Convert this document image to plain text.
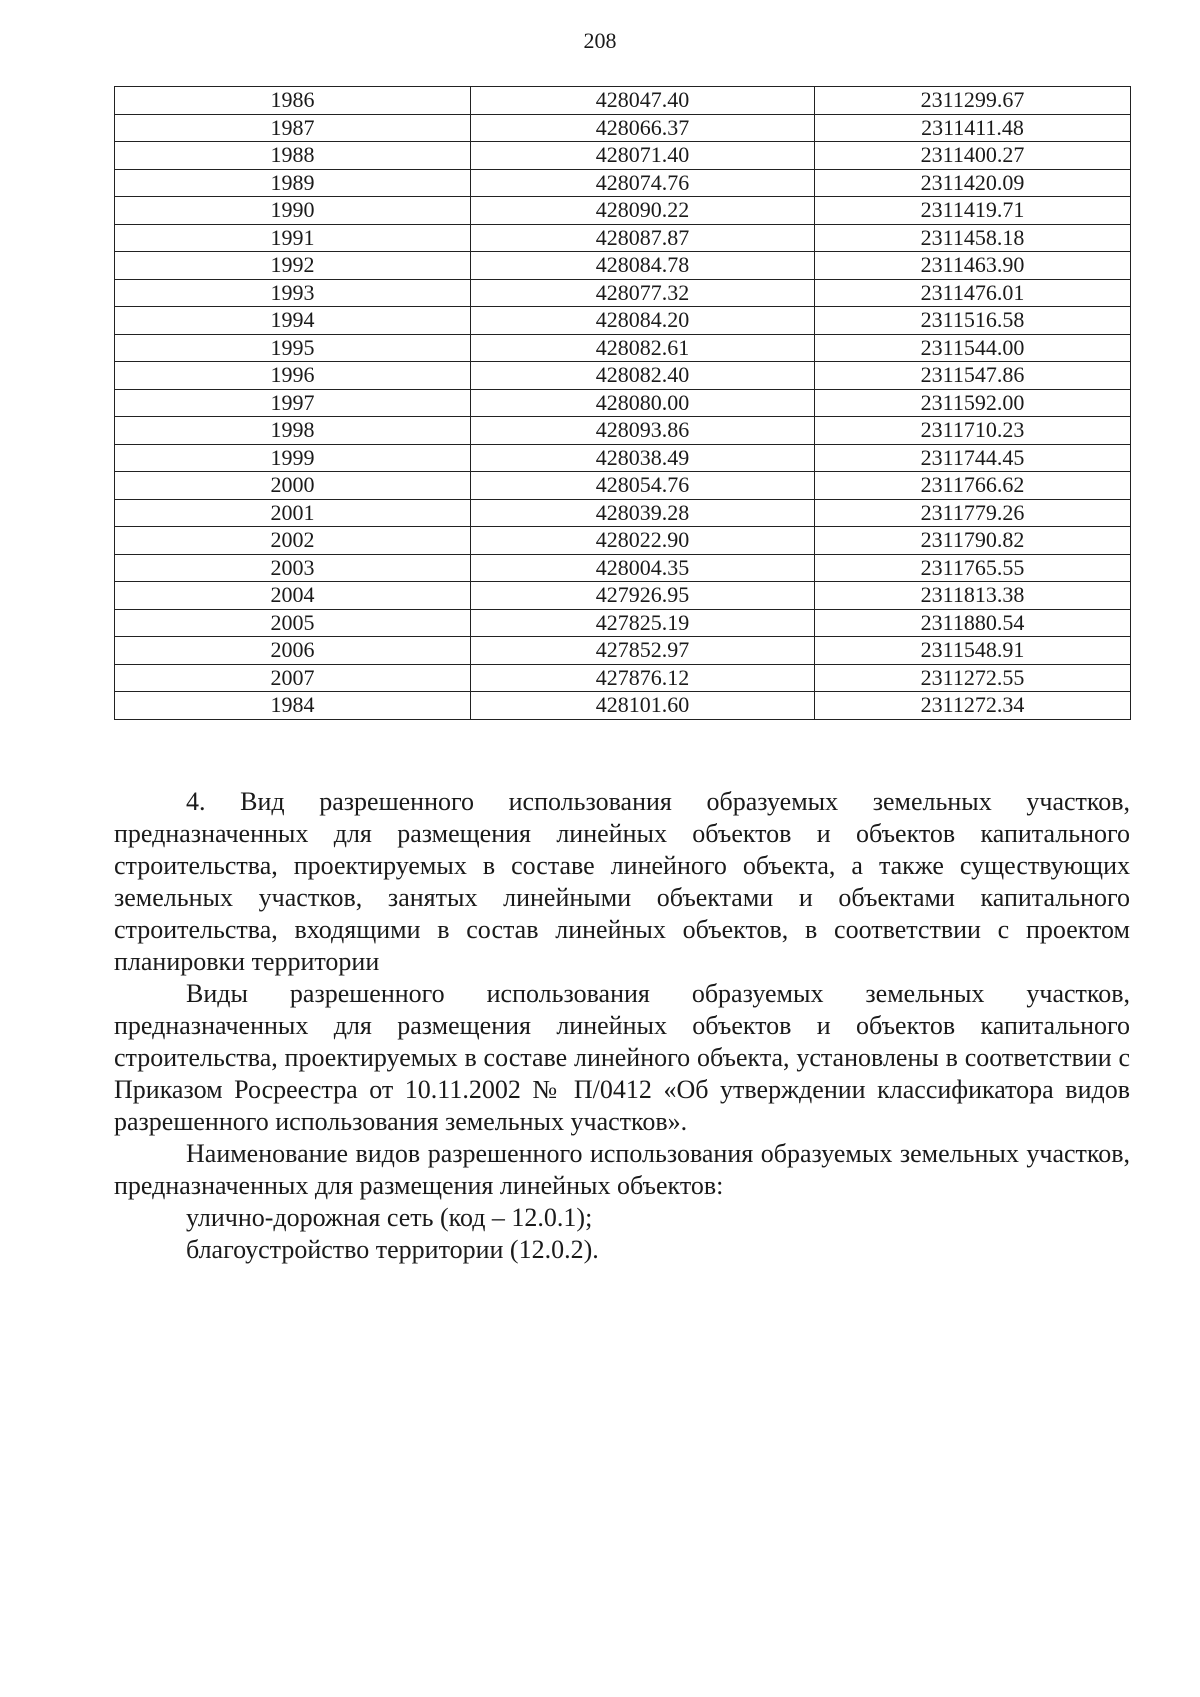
208
1986	428047.40	2311299.67
1987	428066.37	2311411.48
1988	428071.40	2311400.27
1989	428074.76	2311420.09
1990	428090.22	2311419.71
1991	428087.87	2311458.18
1992	428084.78	2311463.90
1993	428077.32	2311476.01
1994	428084.20	2311516.58
1995	428082.61	2311544.00
1996	428082.40	2311547.86
1997	428080.00	2311592.00
1998	428093.86	2311710.23
1999	428038.49	2311744.45
2000	428054.76	2311766.62
2001	428039.28	2311779.26
2002	428022.90	2311790.82
2003	428004.35	2311765.55
2004	427926.95	2311813.38
2005	427825.19	2311880.54
2006	427852.97	2311548.91
2007	427876.12	2311272.55
1984	428101.60	2311272.34

4. Вид разрешенного использования образуемых земельных участков, предназначенных для размещения линейных объектов и объектов капитального строительства, проектируемых в составе линейного объекта, а также существующих земельных участков, занятых линейными объектами и объектами капитального строительства, входящими в состав линейных объектов, в соответствии с проектом планировки территории

Виды разрешенного использования образуемых земельных участков, предназначенных для размещения линейных объектов и объектов капитального строительства, проектируемых в составе линейного объекта, установлены в соответствии с Приказом Росреестра от 10.11.2002 № П/0412 «Об утверждении классификатора видов разрешенного использования земельных участков».

Наименование видов разрешенного использования образуемых земельных участков, предназначенных для размещения линейных объектов:

улично-дорожная сеть (код – 12.0.1);

благоустройство территории (12.0.2).
